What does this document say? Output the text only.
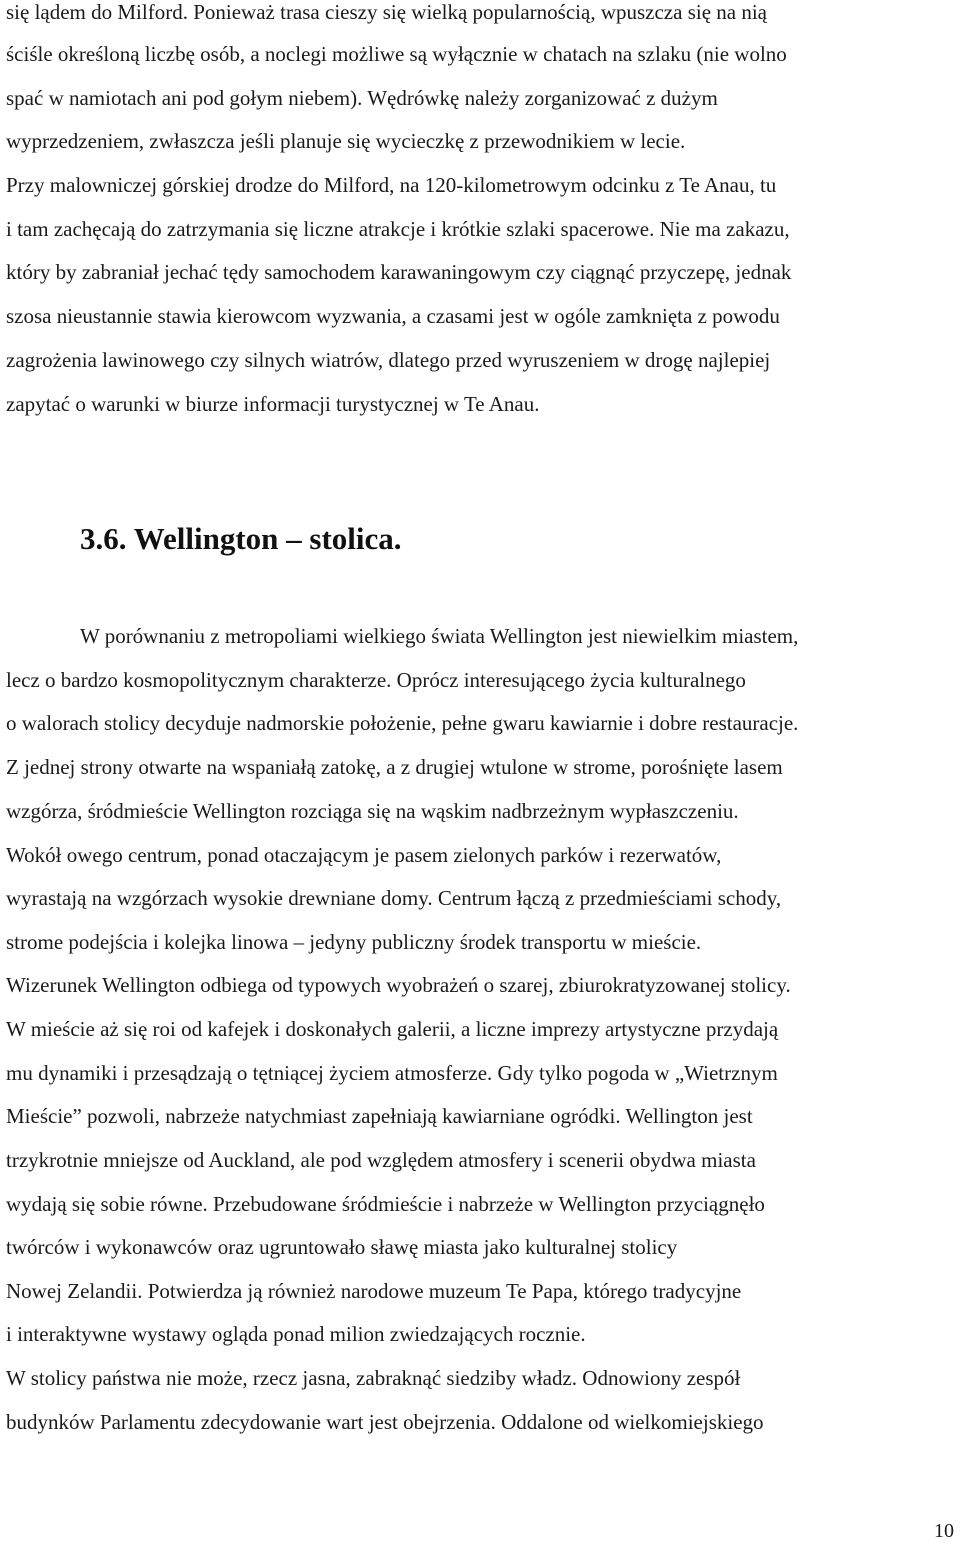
się lądem do Milford. Ponieważ trasa cieszy się wielką popularnością, wpuszcza się na nią
ściśle określoną liczbę osób, a noclegi możliwe są wyłącznie w chatach na szlaku (nie wolno
spać w namiotach ani pod gołym niebem). Wędrówkę należy zorganizować z dużym
wyprzedzeniem, zwłaszcza jeśli planuje się wycieczkę z przewodnikiem w lecie.
Przy malowniczej górskiej drodze do Milford, na 120-kilometrowym odcinku z Te Anau, tu
i tam zachęcają do zatrzymania się liczne atrakcje i krótkie szlaki spacerowe. Nie ma zakazu,
który by zabraniał jechać tędy samochodem karawaningowym czy ciągnąć przyczepę, jednak
szosa nieustannie stawia kierowcom wyzwania, a czasami jest w ogóle zamknięta z powodu
zagrożenia lawinowego czy silnych wiatrów, dlatego przed wyruszeniem w drogę najlepiej
zapytać o warunki w biurze informacji turystycznej w Te Anau.
3.6. Wellington – stolica.
W porównaniu z metropoliami wielkiego świata Wellington jest niewielkim miastem,
lecz o bardzo kosmopolitycznym charakterze. Oprócz interesującego życia kulturalnego
o walorach stolicy decyduje nadmorskie położenie, pełne gwaru kawiarnie i dobre restauracje.
Z jednej strony otwarte na wspaniałą zatokę, a z drugiej wtulone w strome, porośnięte lasem
wzgórza, śródmieście Wellington rozciąga się na wąskim nadbrzeżnym wypłaszczeniu.
Wokół owego centrum, ponad otaczającym je pasem zielonych parków i rezerwatów,
wyrastają na wzgórzach wysokie drewniane domy. Centrum łączą z przedmieściami schody,
strome podejścia i kolejka linowa – jedyny publiczny środek transportu w mieście.
Wizerunek Wellington odbiega od typowych wyobrażeń o szarej, zbiurokratyzowanej stolicy.
W mieście aż się roi od kafejek i doskonałych galerii, a liczne imprezy artystyczne przydają
mu dynamiki i przesądzają o tętniącej życiem atmosferze. Gdy tylko pogoda w „Wietrznym
Mieście” pozwoli, nabrzeże natychmiast zapełniają kawiarniane ogródki. Wellington jest
trzykrotnie mniejsze od Auckland, ale pod względem atmosfery i scenerii obydwa miasta
wydają się sobie równe. Przebudowane śródmieście i nabrzeże w Wellington przyciągnęło
twórców i wykonawców oraz ugruntowało sławę miasta jako kulturalnej stolicy
Nowej Zelandii. Potwierdza ją również narodowe muzeum Te Papa, którego tradycyjne
i interaktywne wystawy ogląda ponad milion zwiedzających rocznie.
W stolicy państwa nie może, rzecz jasna, zabraknąć siedziby władz. Odnowiony zespół
budynków Parlamentu zdecydowanie wart jest obejrzenia. Oddalone od wielkomiejskiego
10
